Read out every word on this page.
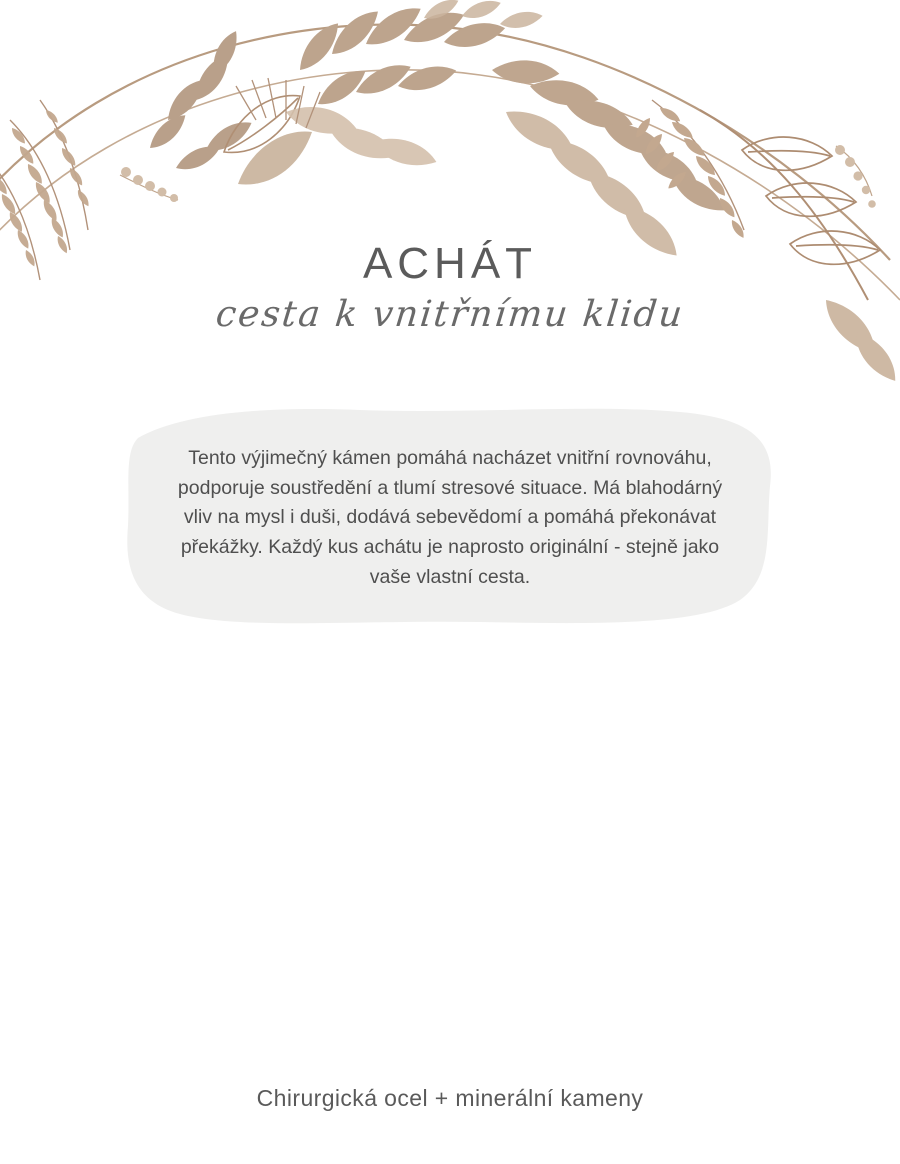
ACHÁT
cesta k vnitřnímu klidu
Tento výjimečný kámen pomáhá nacházet vnitřní rovnováhu, podporuje soustředění a tlumí stresové situace. Má blahodárný vliv na mysl i duši, dodává sebevědomí a pomáhá překonávat překážky. Každý kus achátu je naprosto originální - stejně jako vaše vlastní cesta.
Chirurgická ocel + minerální kameny
